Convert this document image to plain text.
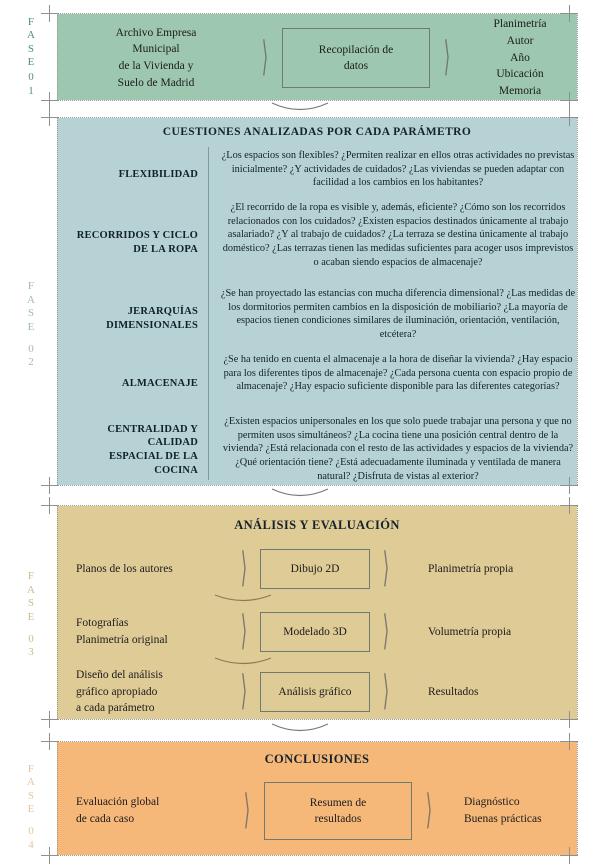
F
A
S
E
0
1
Archivo Empresa
Municipal
de la Vivienda y
Suelo de Madrid
⟩	Recopilación de
datos	⟩
Planimetría
Autor
Año
Ubicación
Memoria
F
A
S
E
0
2
CUESTIONES ANALIZADAS POR CADA PARÁMETRO
FLEXIBILIDAD
¿Los espacios son flexibles? ¿Permiten realizar en ellos otras actividades no previstas inicialmente? ¿Y actividades de cuidados? ¿Las viviendas se pueden adaptar con facilidad a los cambios en los habitantes?
RECORRIDOS Y CICLO
DE LA ROPA
¿El recorrido de la ropa es visible y, además, eficiente? ¿Cómo son los recorridos relacionados con los cuidados? ¿Existen espacios destinados únicamente al trabajo asalariado? ¿Y al trabajo de cuidados? ¿La terraza se destina únicamente al trabajo doméstico? ¿Las terrazas tienen las medidas suficientes para acoger usos imprevistos o acaban siendo espacios de almacenaje?
JERARQUÍAS
DIMENSIONALES
¿Se han proyectado las estancias con mucha diferencia dimensional? ¿Las medidas de los dormitorios permiten cambios en la disposición de mobiliario? ¿La mayoría de espacios tienen condiciones similares de iluminación, orientación, ventilación, etcétera?
ALMACENAJE
¿Se ha tenido en cuenta el almacenaje a la hora de diseñar la vivienda? ¿Hay espacio para los diferentes tipos de almacenaje? ¿Cada persona cuenta con espacio propio de almacenaje? ¿Hay espacio suficiente disponible para las diferentes categorías?
CENTRALIDAD Y
CALIDAD
ESPACIAL DE LA
COCINA
¿Existen espacios unipersonales en los que solo puede trabajar una persona y que no permiten usos simultáneos? ¿La cocina tiene una posición central dentro de la vivienda? ¿Está relacionada con el resto de las actividades y espacios de la vivienda? ¿Qué orientación tiene? ¿Está adecuadamente iluminada y ventilada de manera natural? ¿Disfruta de vistas al exterior?
F
A
S
E
0
3
ANÁLISIS Y EVALUACIÓN
Planos de los autores	⟩	Dibujo 2D ⟩	Planimetría propia
Fotografías
Planimetría original	⟩	Modelado 3D ⟩	Volumetría propia
Diseño del análisis
gráfico apropiado
a cada parámetro	⟩	Análisis gráfico ⟩	Resultados
F
A
S
E
0
4
CONCLUSIONES
Evaluación global
de cada caso	⟩	Resumen de
resultados ⟩	Diagnóstico
Buenas prácticas
